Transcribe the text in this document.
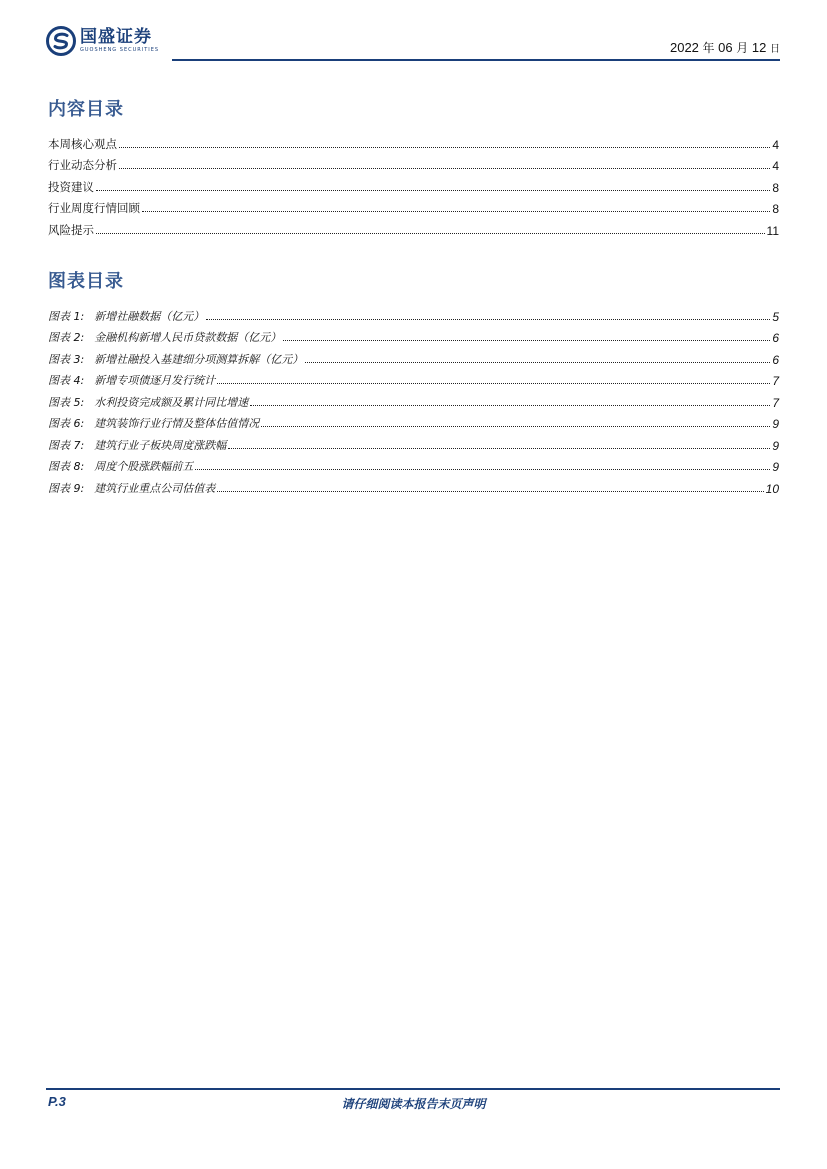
国盛证券
GUOSHENG SECURITIES	2022 年 06 月 12 日
内容目录
本周核心观点	4
行业动态分析	4
投资建议	8
行业周度行情回顾	8
风险提示	11
图表目录
图表 1: 新增社融数据（亿元）	5
图表 2: 金融机构新增人民币贷款数据（亿元）	6
图表 3: 新增社融投入基建细分项测算拆解（亿元）	6
图表 4: 新增专项债逐月发行统计	7
图表 5: 水利投资完成额及累计同比增速	7
图表 6: 建筑装饰行业行情及整体估值情况	9
图表 7: 建筑行业子板块周度涨跌幅	9
图表 8: 周度个股涨跌幅前五	9
图表 9: 建筑行业重点公司估值表	10
P.3	请仔细阅读本报告末页声明
